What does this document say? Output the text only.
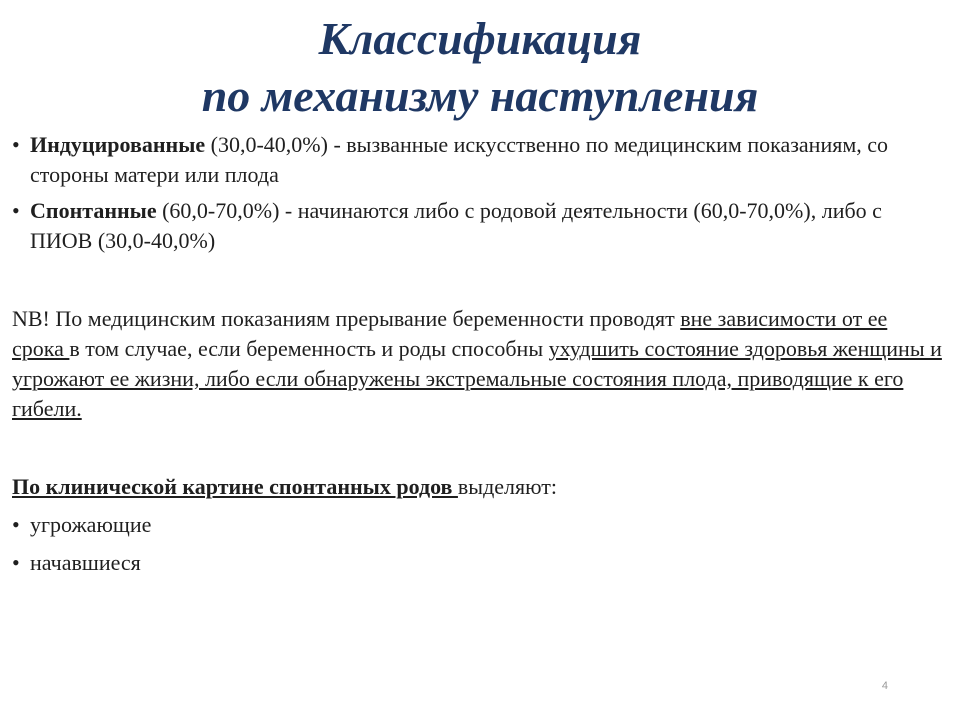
Классификация
по механизму наступления
• Индуцированные (30,0-40,0%) - вызванные искусственно по медицинским показаниям, со стороны матери или плода
• Спонтанные (60,0-70,0%) - начинаются либо с родовой деятельности (60,0-70,0%), либо с ПИОВ (30,0-40,0%)
NB! По медицинским показаниям прерывание беременности проводят вне зависимости от ее срока в том случае, если беременность и роды способны ухудшить состояние здоровья женщины и угрожают ее жизни, либо если обнаружены экстремальные состояния плода, приводящие к его гибели.
По клинической картине спонтанных родов выделяют:
• угрожающие
• начавшиеся
4
